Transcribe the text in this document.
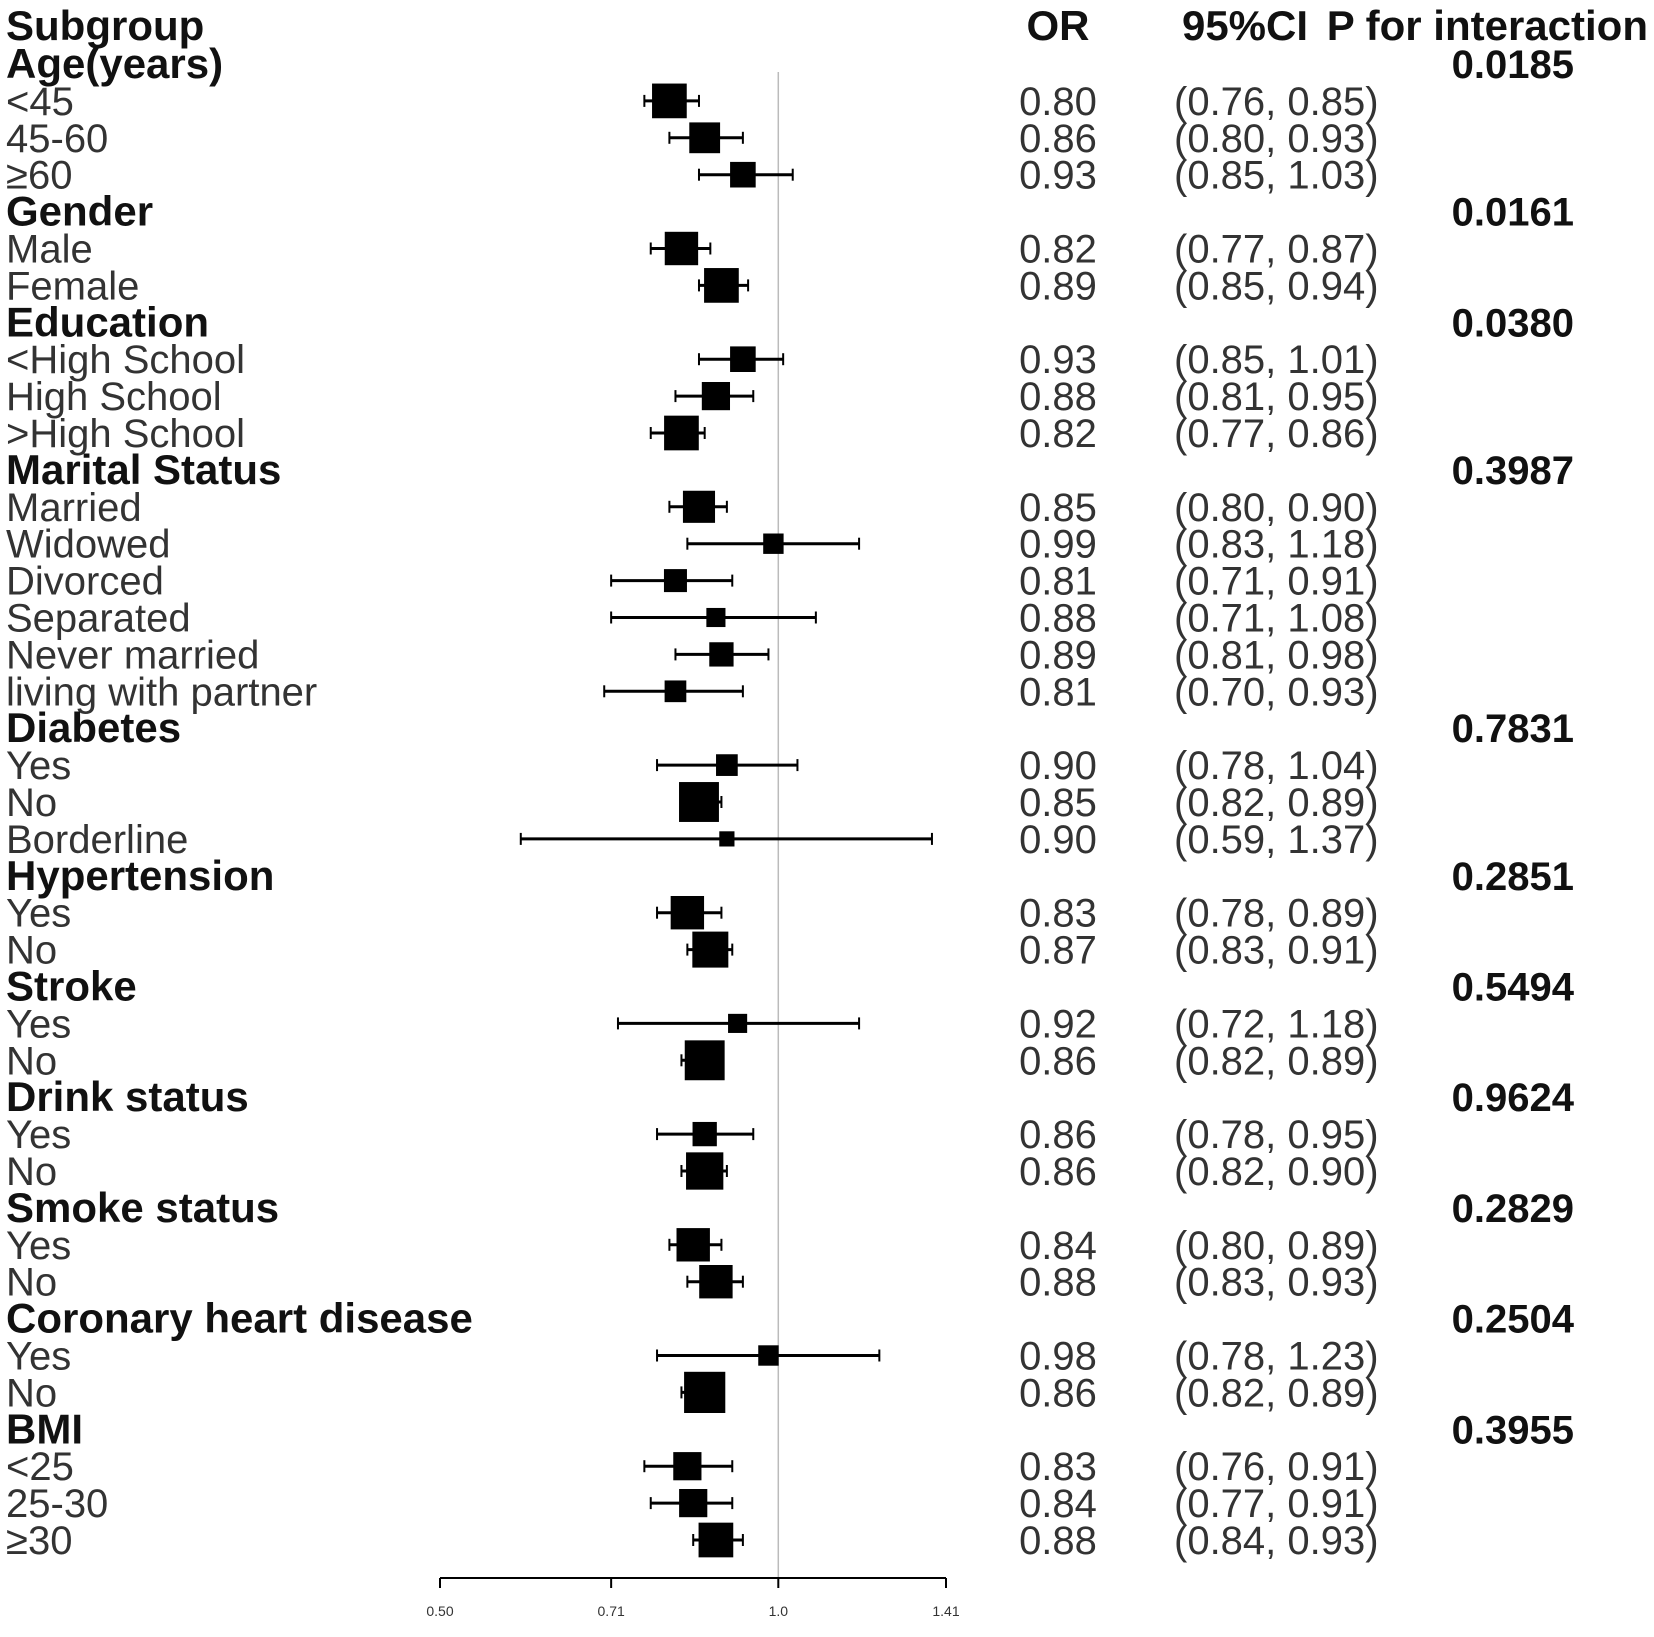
Subgroup	OR 95%CI P for interaction
Age(years)	0.0185
<45	0.80 (0.76, 0.85)
45-60	0.86 (0.80, 0.93)
≥60	0.93 (0.85, 1.03)
Gender	0.0161
Male	0.82 (0.77, 0.87)
Female	0.89 (0.85, 0.94)
Education	0.0380
<High School	0.93 (0.85, 1.01)
High School	0.88 (0.81, 0.95)
>High School	0.82 (0.77, 0.86)
Marital Status	0.3987
Married	0.85 (0.80, 0.90)
Widowed	0.99 (0.83, 1.18)
Divorced	0.81 (0.71, 0.91)
Separated	0.88 (0.71, 1.08)
Never married	0.89 (0.81, 0.98)
living with partner	0.81 (0.70, 0.93)
Diabetes	0.7831
Yes	0.90 (0.78, 1.04)
No	0.85 (0.82, 0.89)
Borderline	0.90 (0.59, 1.37)
Hypertension	0.2851
Yes	0.83 (0.78, 0.89)
No	0.87 (0.83, 0.91)
Stroke	0.5494
Yes	0.92 (0.72, 1.18)
No	0.86 (0.82, 0.89)
Drink status	0.9624
Yes	0.86 (0.78, 0.95)
No	0.86 (0.82, 0.90)
Smoke status	0.2829
Yes	0.84 (0.80, 0.89)
No	0.88 (0.83, 0.93)
Coronary heart disease	0.2504
Yes	0.98 (0.78, 1.23)
No	0.86 (0.82, 0.89)
BMI	0.3955
<25	0.83 (0.76, 0.91)
25-30	0.84 (0.77, 0.91)
≥30	0.88 (0.84, 0.93)
0.50	0.71	1.0	1.41
